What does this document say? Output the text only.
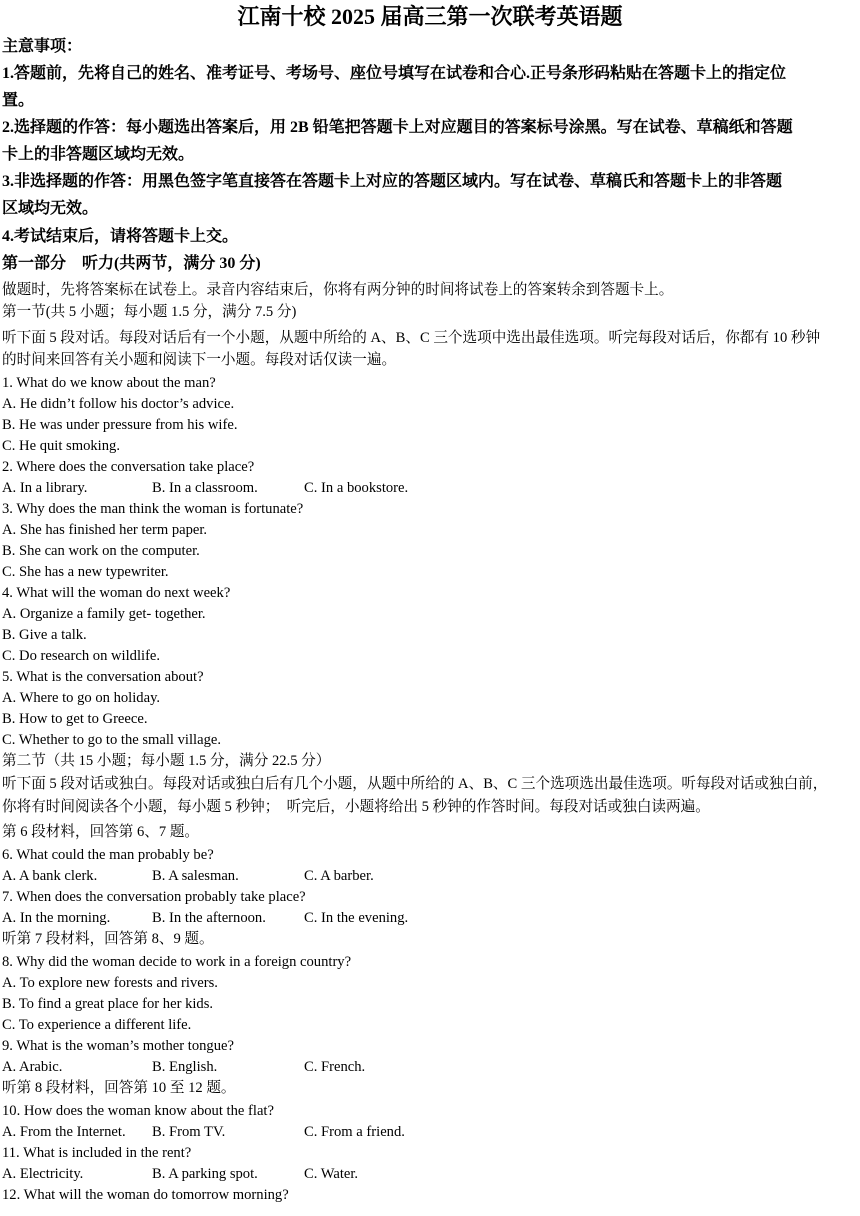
江南十校 2025 届高三第一次联考英语题
主意事项：
1.答题前，先将自己的姓名、准考证号、考场号、座位号填写在试卷和合心.正号条形码粘贴在答题卡上的指定位
置。
2.选择题的作答：每小题选出答案后，用 2B 铅笔把答题卡上对应题目的答案标号涂黑。写在试卷、草稿纸和答题
卡上的非答题区域均无效。
3.非选择题的作答：用黑色签字笔直接答在答题卡上对应的答题区域内。写在试卷、草稿氏和答题卡上的非答题
区域均无效。
4.考试结束后，请将答题卡上交。
第一部分　听力(共两节，满分 30 分)
做题时，先将答案标在试卷上。录音内容结束后，你将有两分钟的时间将试卷上的答案转余到答题卡上。
第一节(共 5 小题；每小题 1.5 分，满分 7.5 分)
听下面 5 段对话。每段对话后有一个小题，从题中所给的 A、B、C 三个选项中选出最佳选项。听完每段对话后，你都有 10 秒钟
的时间来回答有关小题和阅读下一小题。每段对话仅读一遍。
1. What do we know about the man?
A. He didn’t follow his doctor’s advice.
B. He was under pressure from his wife.
C. He quit smoking.
2. Where does the conversation take place?
A. In a library.	B. In a classroom.	C. In a bookstore.
3. Why does the man think the woman is fortunate?
A. She has finished her term paper.
B. She can work on the computer.
C. She has a new typewriter.
4. What will the woman do next week?
A. Organize a family get- together.
B. Give a talk.
C. Do research on wildlife.
5. What is the conversation about?
A. Where to go on holiday.
B. How to get to Greece.
C. Whether to go to the small village.
第二节（共 15 小题；每小题 1.5 分，满分 22.5 分）
听下面 5 段对话或独白。每段对话或独白后有几个小题，从题中所给的 A、B、C 三个选项选出最佳选项。听每段对话或独白前，
你将有时间阅读各个小题，每小题 5 秒钟；　听完后，小题将给出 5 秒钟的作答时间。每段对话或独白读两遍。
第 6 段材料，回答第 6、7 题。
6. What could the man probably be?
A. A bank clerk.	B. A salesman.	C. A barber.
7. When does the conversation probably take place?
A. In the morning.	B. In the afternoon.	C. In the evening.
听第 7 段材料，回答第 8、9 题。
8. Why did the woman decide to work in a foreign country?
A. To explore new forests and rivers.
B. To find a great place for her kids.
C. To experience a different life.
9. What is the woman’s mother tongue?
A. Arabic.	B. English.	C. French.
听第 8 段材料，回答第 10 至 12 题。
10. How does the woman know about the flat?
A. From the Internet. B. From TV.	C. From a friend.
11. What is included in the rent?
A. Electricity.	B. A parking spot.	C. Water.
12. What will the woman do tomorrow morning?
